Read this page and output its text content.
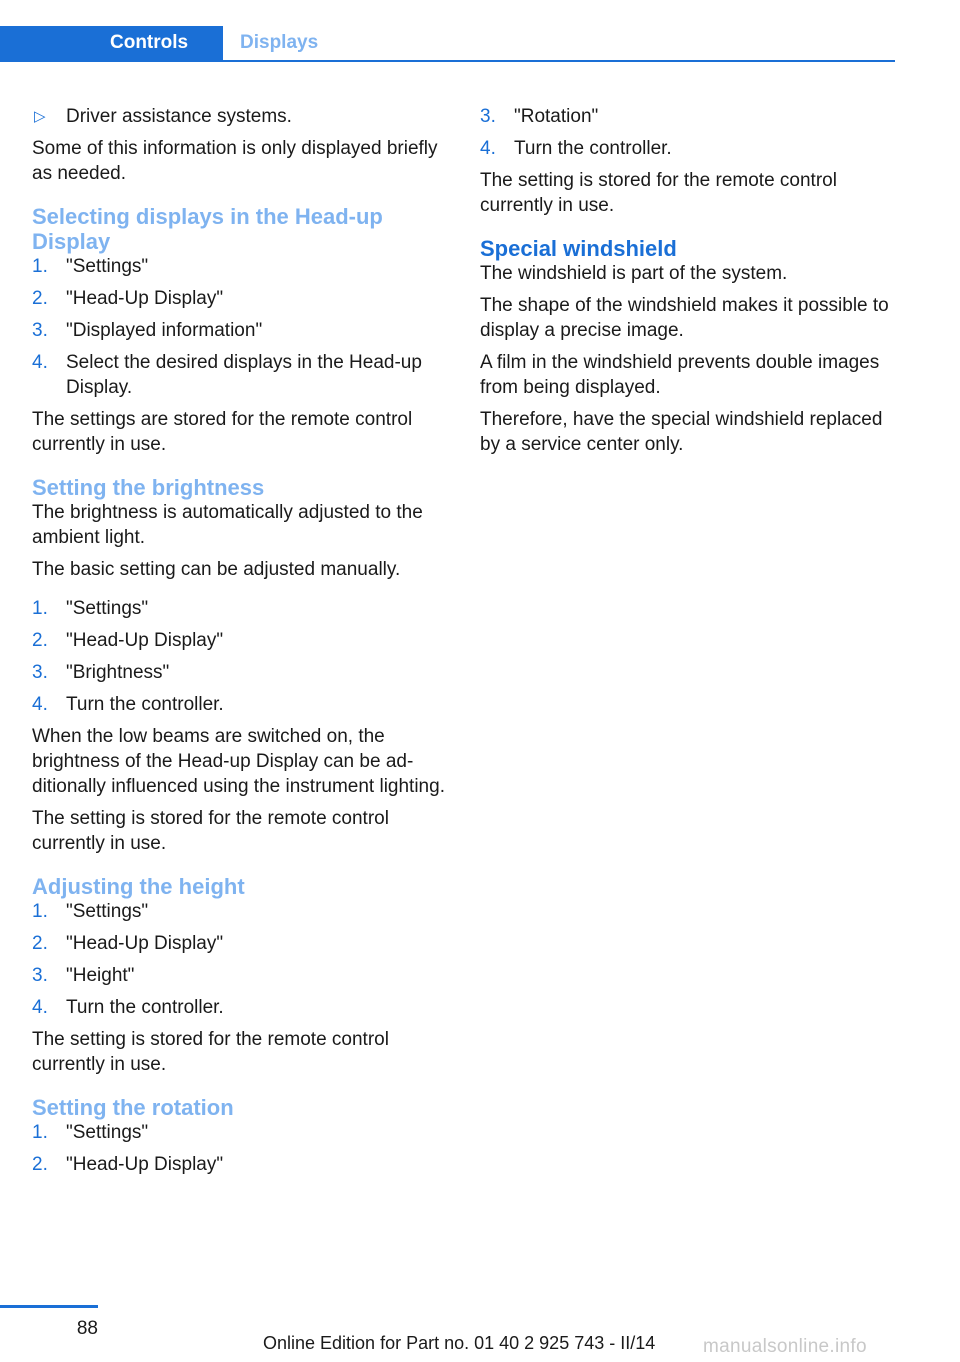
Controls	Displays
▷ Driver assistance systems.

Some of this information is only displayed briefly as needed.

Selecting displays in the Head-up Display
1. "Settings"
2. "Head-Up Display"
3. "Displayed information"
4. Select the desired displays in the Head-up Display.

The settings are stored for the remote control currently in use.

Setting the brightness

The brightness is automatically adjusted to the ambient light.

The basic setting can be adjusted manually.

1. "Settings"
2. "Head-Up Display"
3. "Brightness"
4. Turn the controller.

When the low beams are switched on, the brightness of the Head-up Display can be additionally influenced using the instrument lighting.

The setting is stored for the remote control currently in use.

Adjusting the height
1. "Settings"
2. "Head-Up Display"
3. "Height"
4. Turn the controller.

The setting is stored for the remote control currently in use.

Setting the rotation
1. "Settings"
2. "Head-Up Display"
3. "Rotation"
4. Turn the controller.

The setting is stored for the remote control currently in use.

Special windshield

The windshield is part of the system.

The shape of the windshield makes it possible to display a precise image.

A film in the windshield prevents double images from being displayed.

Therefore, have the special windshield replaced by a service center only.

88
Online Edition for Part no. 01 40 2 925 743 - II/14	manualsonline.info
